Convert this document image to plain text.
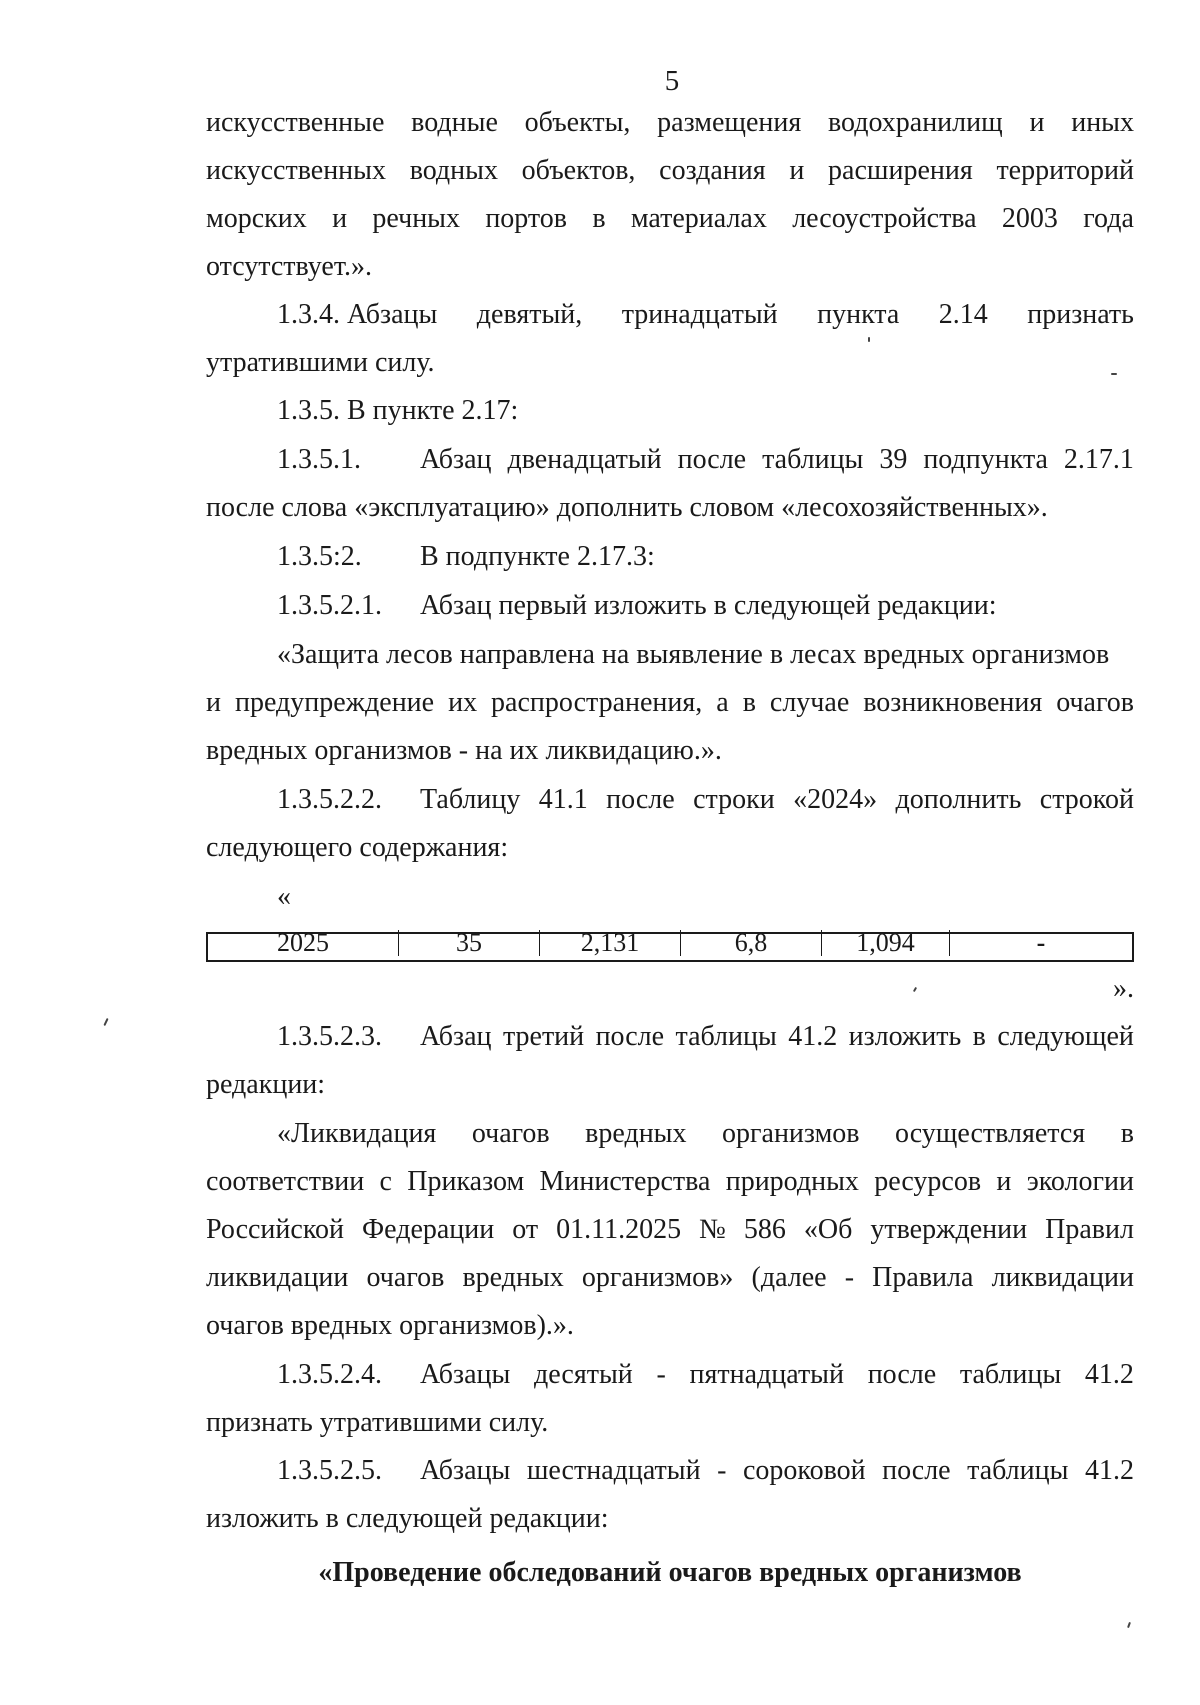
5
искусственные водные объекты, размещения водохранилищ и иных
искусственных водных объектов, создания и расширения территорий
морских и речных портов в материалах лесоустройства 2003 года
отсутствует.».
1.3.4. Абзацы девятый, тринадцатый пункта 2.14 признать
утратившими силу.
1.3.5. В пункте 2.17:
1.3.5.1.	Абзац двенадцатый после таблицы 39 подпункта 2.17.1
после слова «эксплуатацию» дополнить словом «лесохозяйственных».
1.3.5:2. В подпункте 2.17.3:
1.3.5.2.1. Абзац первый изложить в следующей редакции:
«Защита лесов направлена на выявление в лесах вредных организмов
и предупреждение их распространения, а в случае возникновения очагов
вредных организмов - на их ликвидацию.».
1.3.5.2.2.	Таблицу 41.1 после строки «2024» дополнить строкой
следующего содержания:
«
2025	35	2,131	6,8	1,094	-
».
1.3.5.2.3.	Абзац третий после таблицы 41.2 изложить в следующей
редакции:
«Ликвидация очагов вредных организмов осуществляется в
соответствии с Приказом Министерства природных ресурсов и экологии
Российской Федерации от 01.11.2025 № 586 «Об утверждении Правил
ликвидации очагов вредных организмов» (далее - Правила ликвидации
очагов вредных организмов).».
1.3.5.2.4.	Абзацы десятый - пятнадцатый после таблицы 41.2
признать утратившими силу.
1.3.5.2.5.	Абзацы шестнадцатый - сороковой после таблицы 41.2
изложить в следующей редакции:
«Проведение обследований очагов вредных организмов
